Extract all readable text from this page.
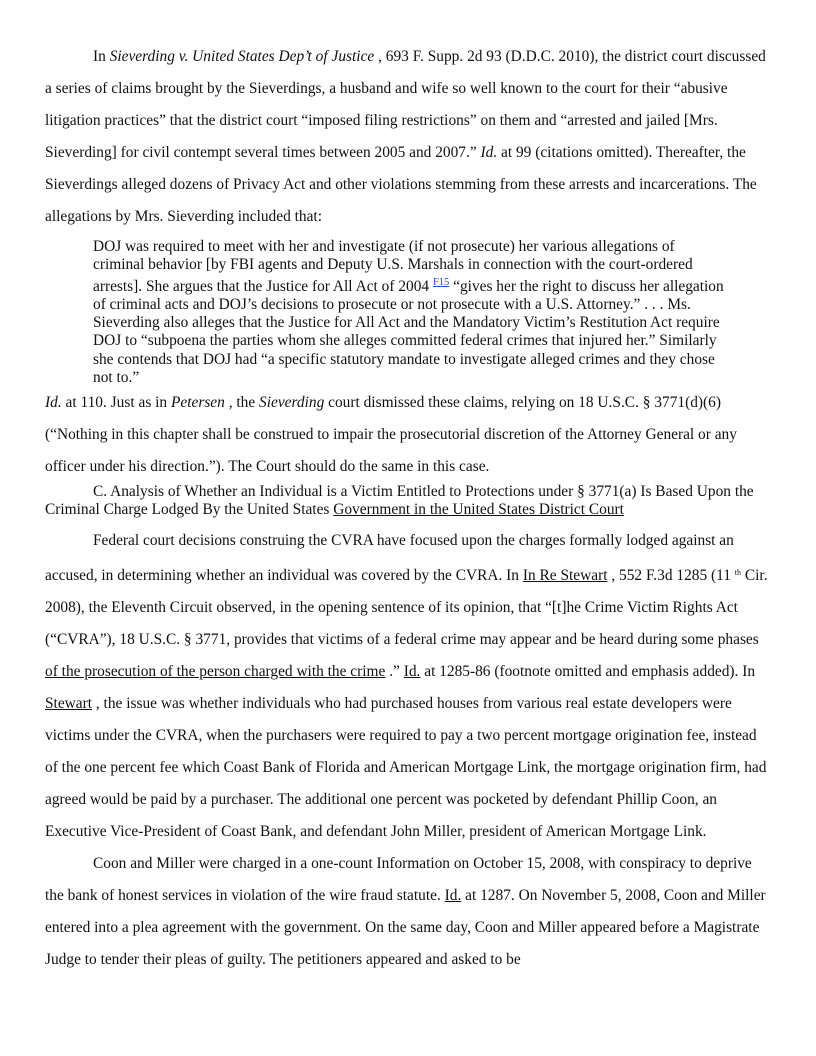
In Sieverding v. United States Dep’t of Justice , 693 F. Supp. 2d 93 (D.D.C. 2010), the district court discussed a series of claims brought by the Sieverdings, a husband and wife so well known to the court for their “abusive litigation practices” that the district court “imposed filing restrictions” on them and “arrested and jailed [Mrs. Sieverding] for civil contempt several times between 2005 and 2007.” Id. at 99 (citations omitted). Thereafter, the Sieverdings alleged dozens of Privacy Act and other violations stemming from these arrests and incarcerations. The allegations by Mrs. Sieverding included that:

DOJ was required to meet with her and investigate (if not prosecute) her various allegations of criminal behavior [by FBI agents and Deputy U.S. Marshals in connection with the court-ordered arrests]. She argues that the Justice for All Act of 2004 $^{F15}$ “gives her the right to discuss her allegation of criminal acts and DOJ’s decisions to prosecute or not prosecute with a U.S. Attorney.” . . . Ms. Sieverding also alleges that the Justice for All Act and the Mandatory Victim’s Restitution Act require DOJ to “subpoena the parties whom she alleges committed federal crimes that injured her.” Similarly she contends that DOJ had “a specific statutory mandate to investigate alleged crimes and they chose not to.”

Id. at 110. Just as in Petersen , the Sieverding court dismissed these claims, relying on 18 U.S.C. § 3771(d)(6) (“Nothing in this chapter shall be construed to impair the prosecutorial discretion of the Attorney General or any officer under his direction.”). The Court should do the same in this case.

C. Analysis of Whether an Individual is a Victim Entitled to Protections under § 3771(a) Is Based Upon the Criminal Charge Lodged By the United States Government in the United States District Court

Federal court decisions construing the CVRA have focused upon the charges formally lodged against an accused, in determining whether an individual was covered by the CVRA. In In Re Stewart , 552 F.3d 1285 (11 $^{th}$ Cir. 2008), the Eleventh Circuit observed, in the opening sentence of its opinion, that “[t]he Crime Victim Rights Act (“CVRA”), 18 U.S.C. § 3771, provides that victims of a federal crime may appear and be heard during some phases of the prosecution of the person charged with the crime .” Id. at 1285-86 (footnote omitted and emphasis added). In Stewart , the issue was whether individuals who had purchased houses from various real estate developers were victims under the CVRA, when the purchasers were required to pay a two percent mortgage origination fee, instead of the one percent fee which Coast Bank of Florida and American Mortgage Link, the mortgage origination firm, had agreed would be paid by a purchaser. The additional one percent was pocketed by defendant Phillip Coon, an Executive Vice-President of Coast Bank, and defendant John Miller, president of American Mortgage Link.

Coon and Miller were charged in a one-count Information on October 15, 2008, with conspiracy to deprive the bank of honest services in violation of the wire fraud statute. Id. at 1287. On November 5, 2008, Coon and Miller entered into a plea agreement with the government. On the same day, Coon and Miller appeared before a Magistrate Judge to tender their pleas of guilty. The petitioners appeared and asked to be
